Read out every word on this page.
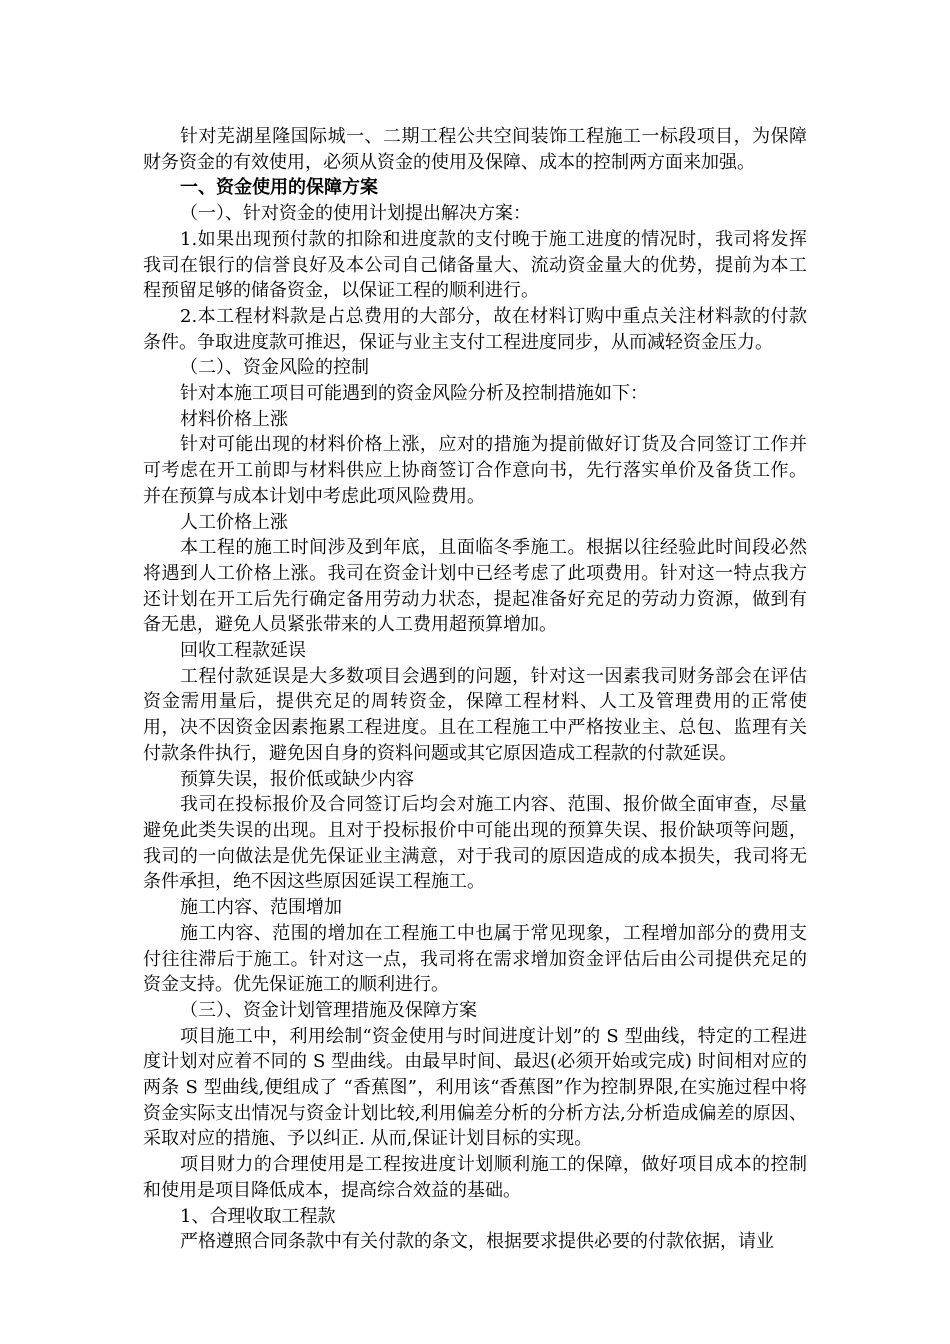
针对芜湖星隆国际城一、二期工程公共空间装饰工程施工一标段项目，为保障财务资金的有效使用，必须从资金的使用及保障、成本的控制两方面来加强。

一、资金使用的保障方案

（一）、针对资金的使用计划提出解决方案：

1.如果出现预付款的扣除和进度款的支付晚于施工进度的情况时，我司将发挥我司在银行的信誉良好及本公司自己储备量大、流动资金量大的优势，提前为本工程预留足够的储备资金，以保证工程的顺利进行。

2.本工程材料款是占总费用的大部分，故在材料订购中重点关注材料款的付款条件。争取进度款可推迟，保证与业主支付工程进度同步，从而减轻资金压力。

（二）、资金风险的控制

针对本施工项目可能遇到的资金风险分析及控制措施如下：

材料价格上涨

针对可能出现的材料价格上涨，应对的措施为提前做好订货及合同签订工作并可考虑在开工前即与材料供应上协商签订合作意向书，先行落实单价及备货工作。并在预算与成本计划中考虑此项风险费用。

人工价格上涨

本工程的施工时间涉及到年底，且面临冬季施工。根据以往经验此时间段必然将遇到人工价格上涨。我司在资金计划中已经考虑了此项费用。针对这一特点我方还计划在开工后先行确定备用劳动力状态，提起准备好充足的劳动力资源，做到有备无患，避免人员紧张带来的人工费用超预算增加。

回收工程款延误

工程付款延误是大多数项目会遇到的问题，针对这一因素我司财务部会在评估资金需用量后，提供充足的周转资金，保障工程材料、人工及管理费用的正常使用，决不因资金因素拖累工程进度。且在工程施工中严格按业主、总包、监理有关付款条件执行，避免因自身的资料问题或其它原因造成工程款的付款延误。

预算失误，报价低或缺少内容

我司在投标报价及合同签订后均会对施工内容、范围、报价做全面审查，尽量避免此类失误的出现。且对于投标报价中可能出现的预算失误、报价缺项等问题，我司的一向做法是优先保证业主满意，对于我司的原因造成的成本损失，我司将无条件承担，绝不因这些原因延误工程施工。

施工内容、范围增加

施工内容、范围的增加在工程施工中也属于常见现象，工程增加部分的费用支付往往滞后于施工。针对这一点，我司将在需求增加资金评估后由公司提供充足的资金支持。优先保证施工的顺利进行。

（三）、资金计划管理措施及保障方案

项目施工中，利用绘制“资金使用与时间进度计划”的 S 型曲线，特定的工程进度计划对应着不同的 S 型曲线。由最早时间、最迟(必须开始或完成) 时间相对应的两条 S 型曲线,便组成了 “香蕉图”，利用该“香蕉图”作为控制界限,在实施过程中将资金实际支出情况与资金计划比较,利用偏差分析的分析方法,分析造成偏差的原因、采取对应的措施、予以纠正. 从而,保证计划目标的实现。

项目财力的合理使用是工程按进度计划顺利施工的保障，做好项目成本的控制和使用是项目降低成本，提高综合效益的基础。

1、合理收取工程款

严格遵照合同条款中有关付款的条文，根据要求提供必要的付款依据，请业
